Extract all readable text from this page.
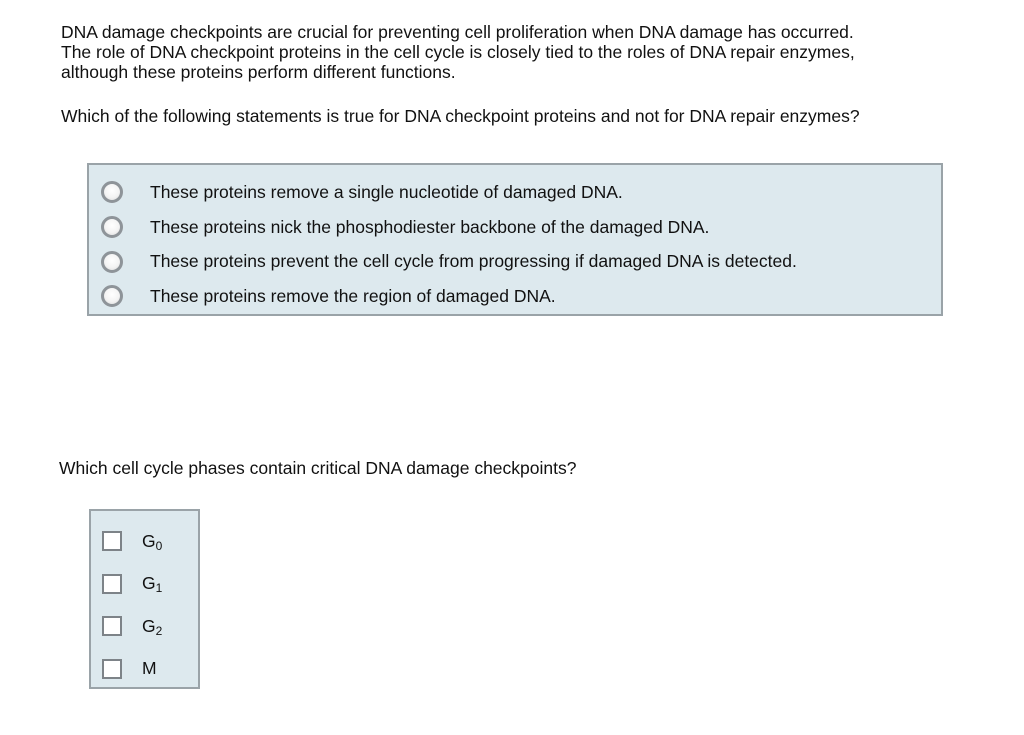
DNA damage checkpoints are crucial for preventing cell proliferation when DNA damage has occurred.

The role of DNA checkpoint proteins in the cell cycle is closely tied to the roles of DNA repair enzymes,

although these proteins perform different functions.

Which of the following statements is true for DNA checkpoint proteins and not for DNA repair enzymes?

These proteins remove a single nucleotide of damaged DNA.
These proteins nick the phosphodiester backbone of the damaged DNA.
These proteins prevent the cell cycle from progressing if damaged DNA is detected.
These proteins remove the region of damaged DNA.

Which cell cycle phases contain critical DNA damage checkpoints?

$G_0$
$G_1$
$G_2$
M
